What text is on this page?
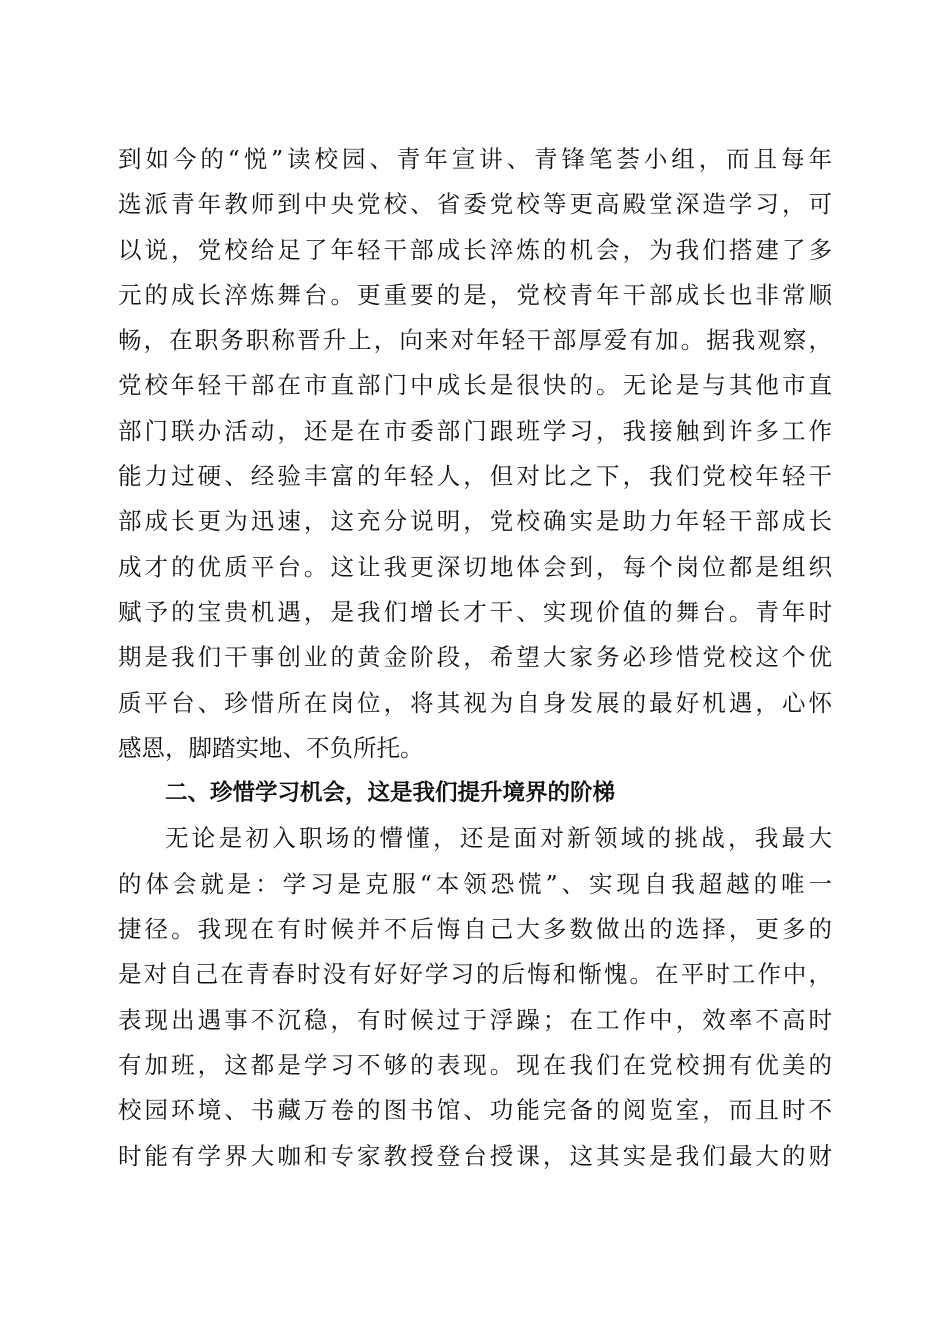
到如今的“悦”读校园、青年宣讲、青锋笔荟小组，而且每年
选派青年教师到中央党校、省委党校等更高殿堂深造学习，可
以说，党校给足了年轻干部成长淬炼的机会，为我们搭建了多
元的成长淬炼舞台。更重要的是，党校青年干部成长也非常顺
畅，在职务职称晋升上，向来对年轻干部厚爱有加。据我观察，
党校年轻干部在市直部门中成长是很快的。无论是与其他市直
部门联办活动，还是在市委部门跟班学习，我接触到许多工作
能力过硬、经验丰富的年轻人，但对比之下，我们党校年轻干
部成长更为迅速，这充分说明，党校确实是助力年轻干部成长
成才的优质平台。这让我更深切地体会到，每个岗位都是组织
赋予的宝贵机遇，是我们增长才干、实现价值的舞台。青年时
期是我们干事创业的黄金阶段，希望大家务必珍惜党校这个优
质平台、珍惜所在岗位，将其视为自身发展的最好机遇，心怀
感恩，脚踏实地、不负所托。
二、珍惜学习机会，这是我们提升境界的阶梯
无论是初入职场的懵懂，还是面对新领域的挑战，我最大
的体会就是：学习是克服“本领恐慌”、实现自我超越的唯一
捷径。我现在有时候并不后悔自己大多数做出的选择，更多的
是对自己在青春时没有好好学习的后悔和惭愧。在平时工作中，
表现出遇事不沉稳，有时候过于浮躁；在工作中，效率不高时
有加班，这都是学习不够的表现。现在我们在党校拥有优美的
校园环境、书藏万卷的图书馆、功能完备的阅览室，而且时不
时能有学界大咖和专家教授登台授课，这其实是我们最大的财
